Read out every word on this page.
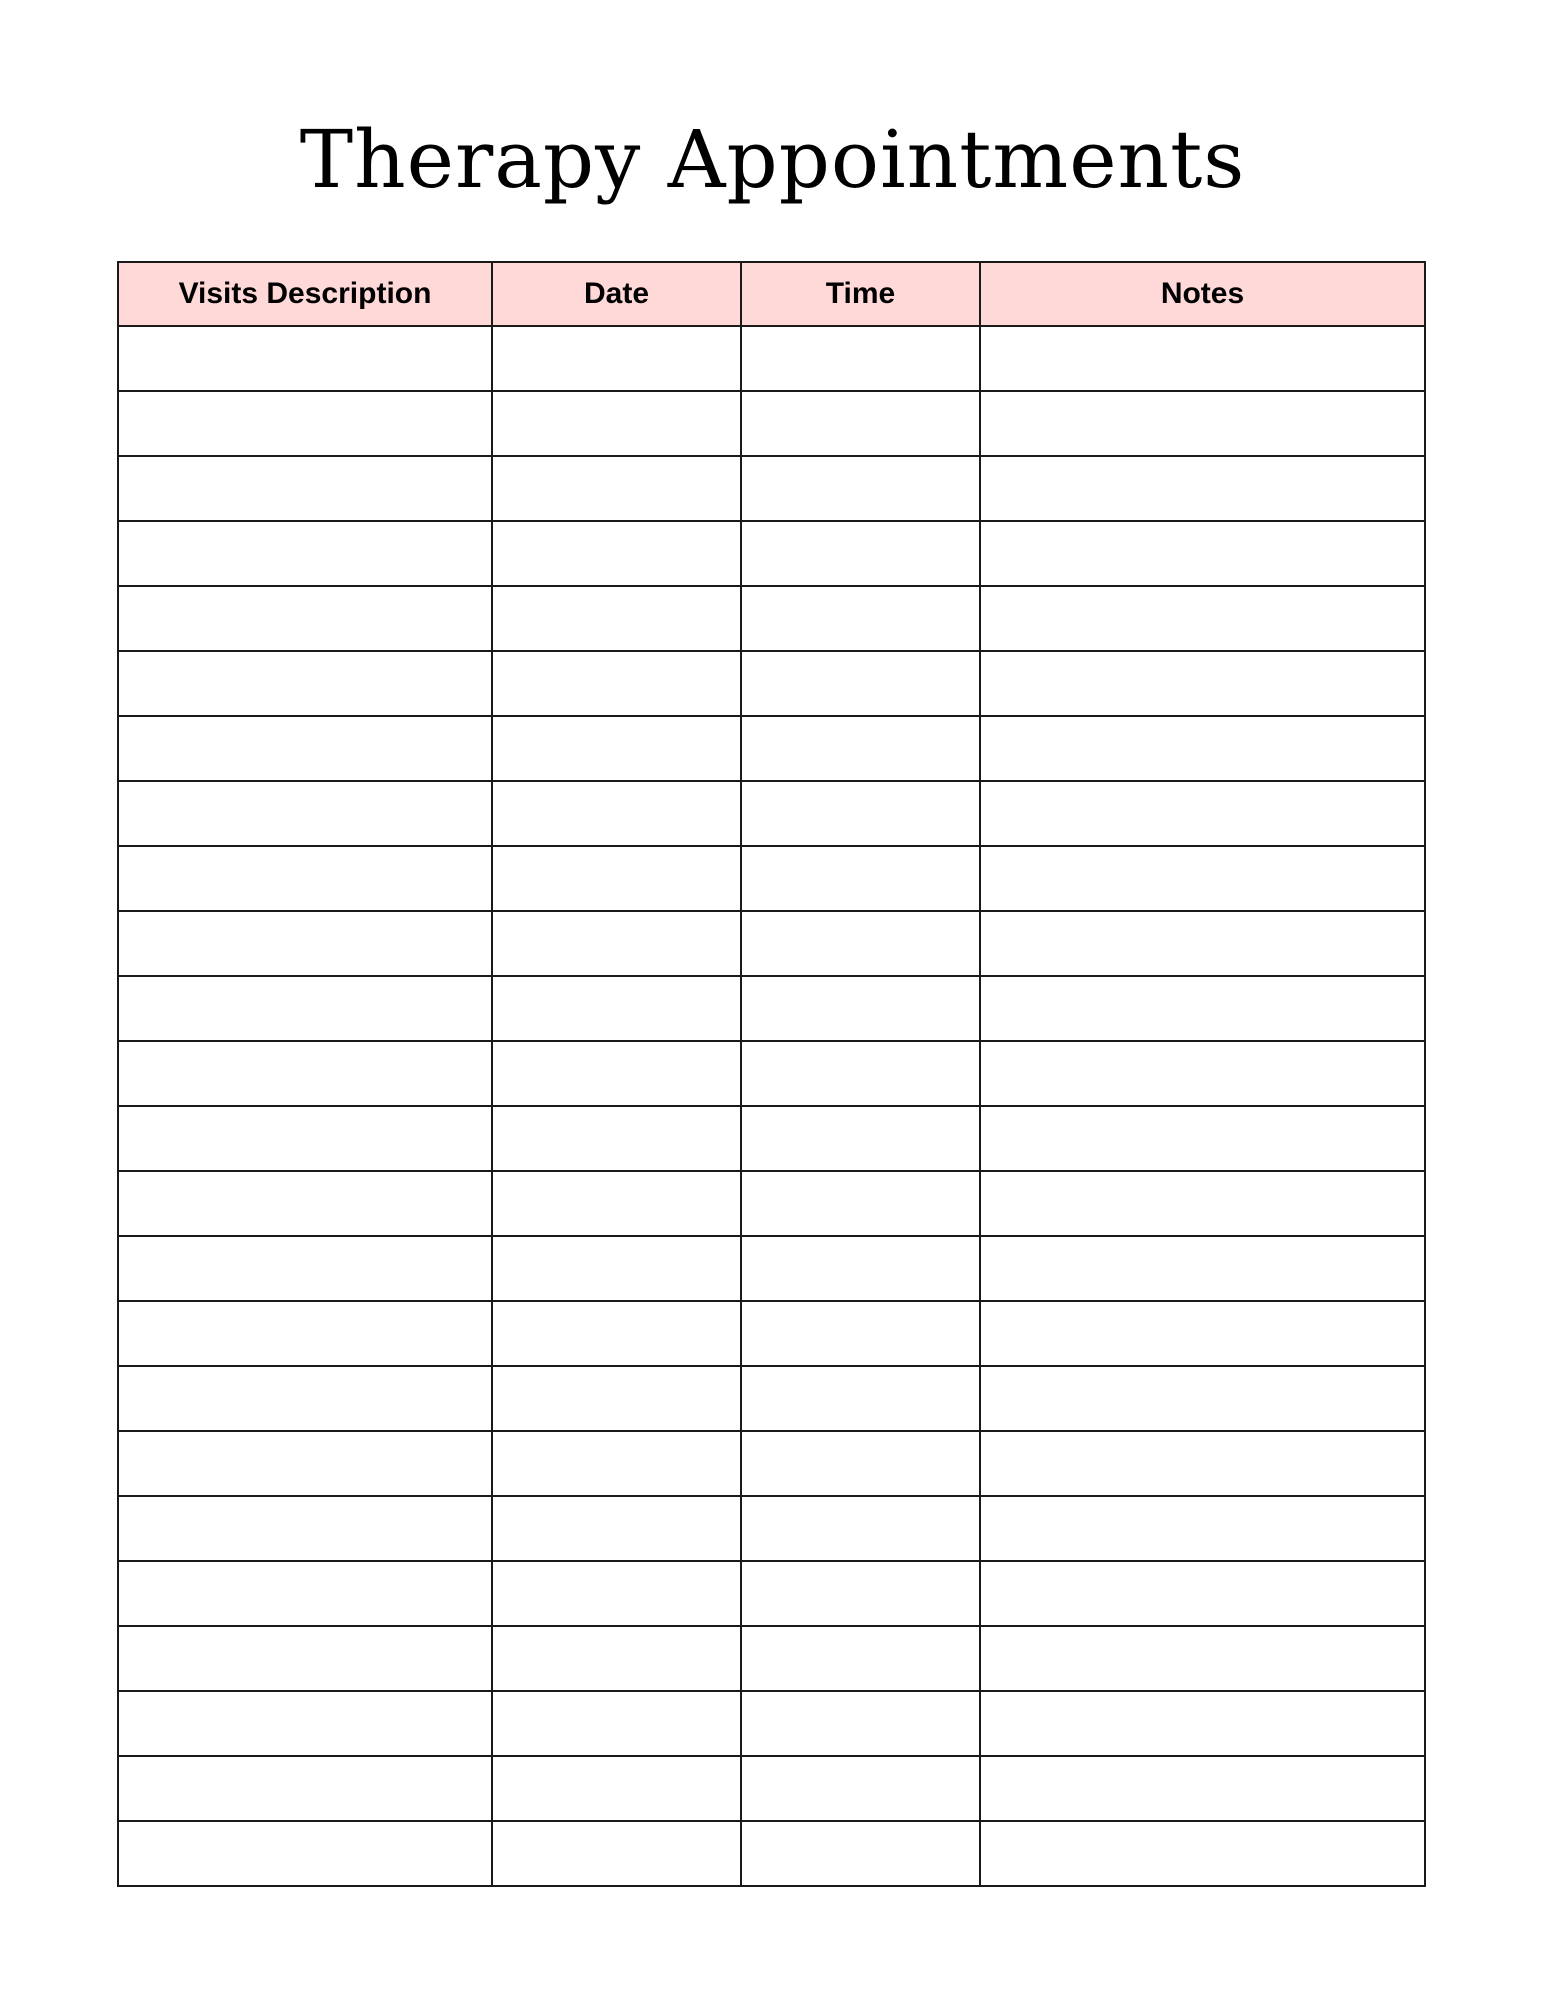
Therapy Appointments
Visits Description	Date	Time	Notes
